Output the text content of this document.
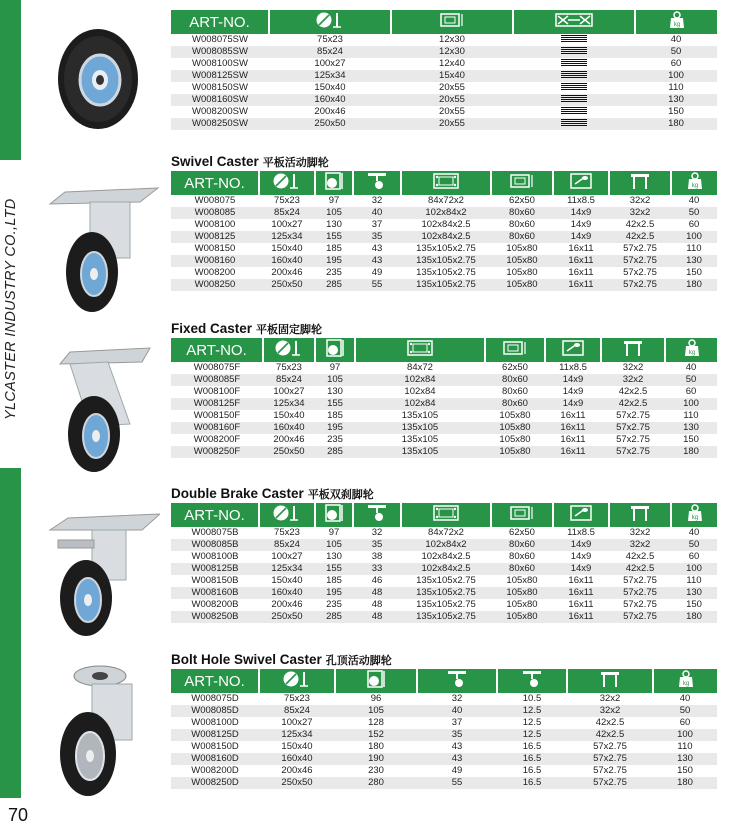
YLCASTER INDUSTRY CO.,LTD
70
ART-NO.				kg

W008075SW	75x23	12x30		40
W008085SW	85x24	12x30		50
W008100SW	100x27	12x40		60
W008125SW	125x34	15x40		100
W008150SW	150x40	20x55		110
W008160SW	160x40	20x55		130
W008200SW	200x46	20x55		150
W008250SW	250x50	20x55		180
Swivel Caster 平板活动脚轮
ART-NO.								kg

W008075	75x23	97	32	84x72x2	62x50	11x8.5	32x2	40
W008085	85x24	105	40	102x84x2	80x60	14x9	32x2	50
W008100	100x27	130	37	102x84x2.5	80x60	14x9	42x2.5	60
W008125	125x34	155	35	102x84x2.5	80x60	14x9	42x2.5	100
W008150	150x40	185	43	135x105x2.75	105x80	16x11	57x2.75	110
W008160	160x40	195	43	135x105x2.75	105x80	16x11	57x2.75	130
W008200	200x46	235	49	135x105x2.75	105x80	16x11	57x2.75	150
W008250	250x50	285	55	135x105x2.75	105x80	16x11	57x2.75	180
Fixed Caster 平板固定脚轮
ART-NO.							kg

W008075F	75x23	97	84x72	62x50	11x8.5	32x2	40
W008085F	85x24	105	102x84	80x60	14x9	32x2	50
W008100F	100x27	130	102x84	80x60	14x9	42x2.5	60
W008125F	125x34	155	102x84	80x60	14x9	42x2.5	100
W008150F	150x40	185	135x105	105x80	16x11	57x2.75	110
W008160F	160x40	195	135x105	105x80	16x11	57x2.75	130
W008200F	200x46	235	135x105	105x80	16x11	57x2.75	150
W008250F	250x50	285	135x105	105x80	16x11	57x2.75	180
Double Brake Caster 平板双刹脚轮
ART-NO.								kg

W008075B	75x23	97	32	84x72x2	62x50	11x8.5	32x2	40
W008085B	85x24	105	35	102x84x2	80x60	14x9	32x2	50
W008100B	100x27	130	38	102x84x2.5	80x60	14x9	42x2.5	60
W008125B	125x34	155	33	102x84x2.5	80x60	14x9	42x2.5	100
W008150B	150x40	185	46	135x105x2.75	105x80	16x11	57x2.75	110
W008160B	160x40	195	48	135x105x2.75	105x80	16x11	57x2.75	130
W008200B	200x46	235	48	135x105x2.75	105x80	16x11	57x2.75	150
W008250B	250x50	285	48	135x105x2.75	105x80	16x11	57x2.75	180
Bolt Hole Swivel Caster 孔顶活动脚轮
ART-NO.						kg

W008075D	75x23	96	32	10.5	32x2	40
W008085D	85x24	105	40	12.5	32x2	50
W008100D	100x27	128	37	12.5	42x2.5	60
W008125D	125x34	152	35	12.5	42x2.5	100
W008150D	150x40	180	43	16.5	57x2.75	110
W008160D	160x40	190	43	16.5	57x2.75	130
W008200D	200x46	230	49	16.5	57x2.75	150
W008250D	250x50	280	55	16.5	57x2.75	180
